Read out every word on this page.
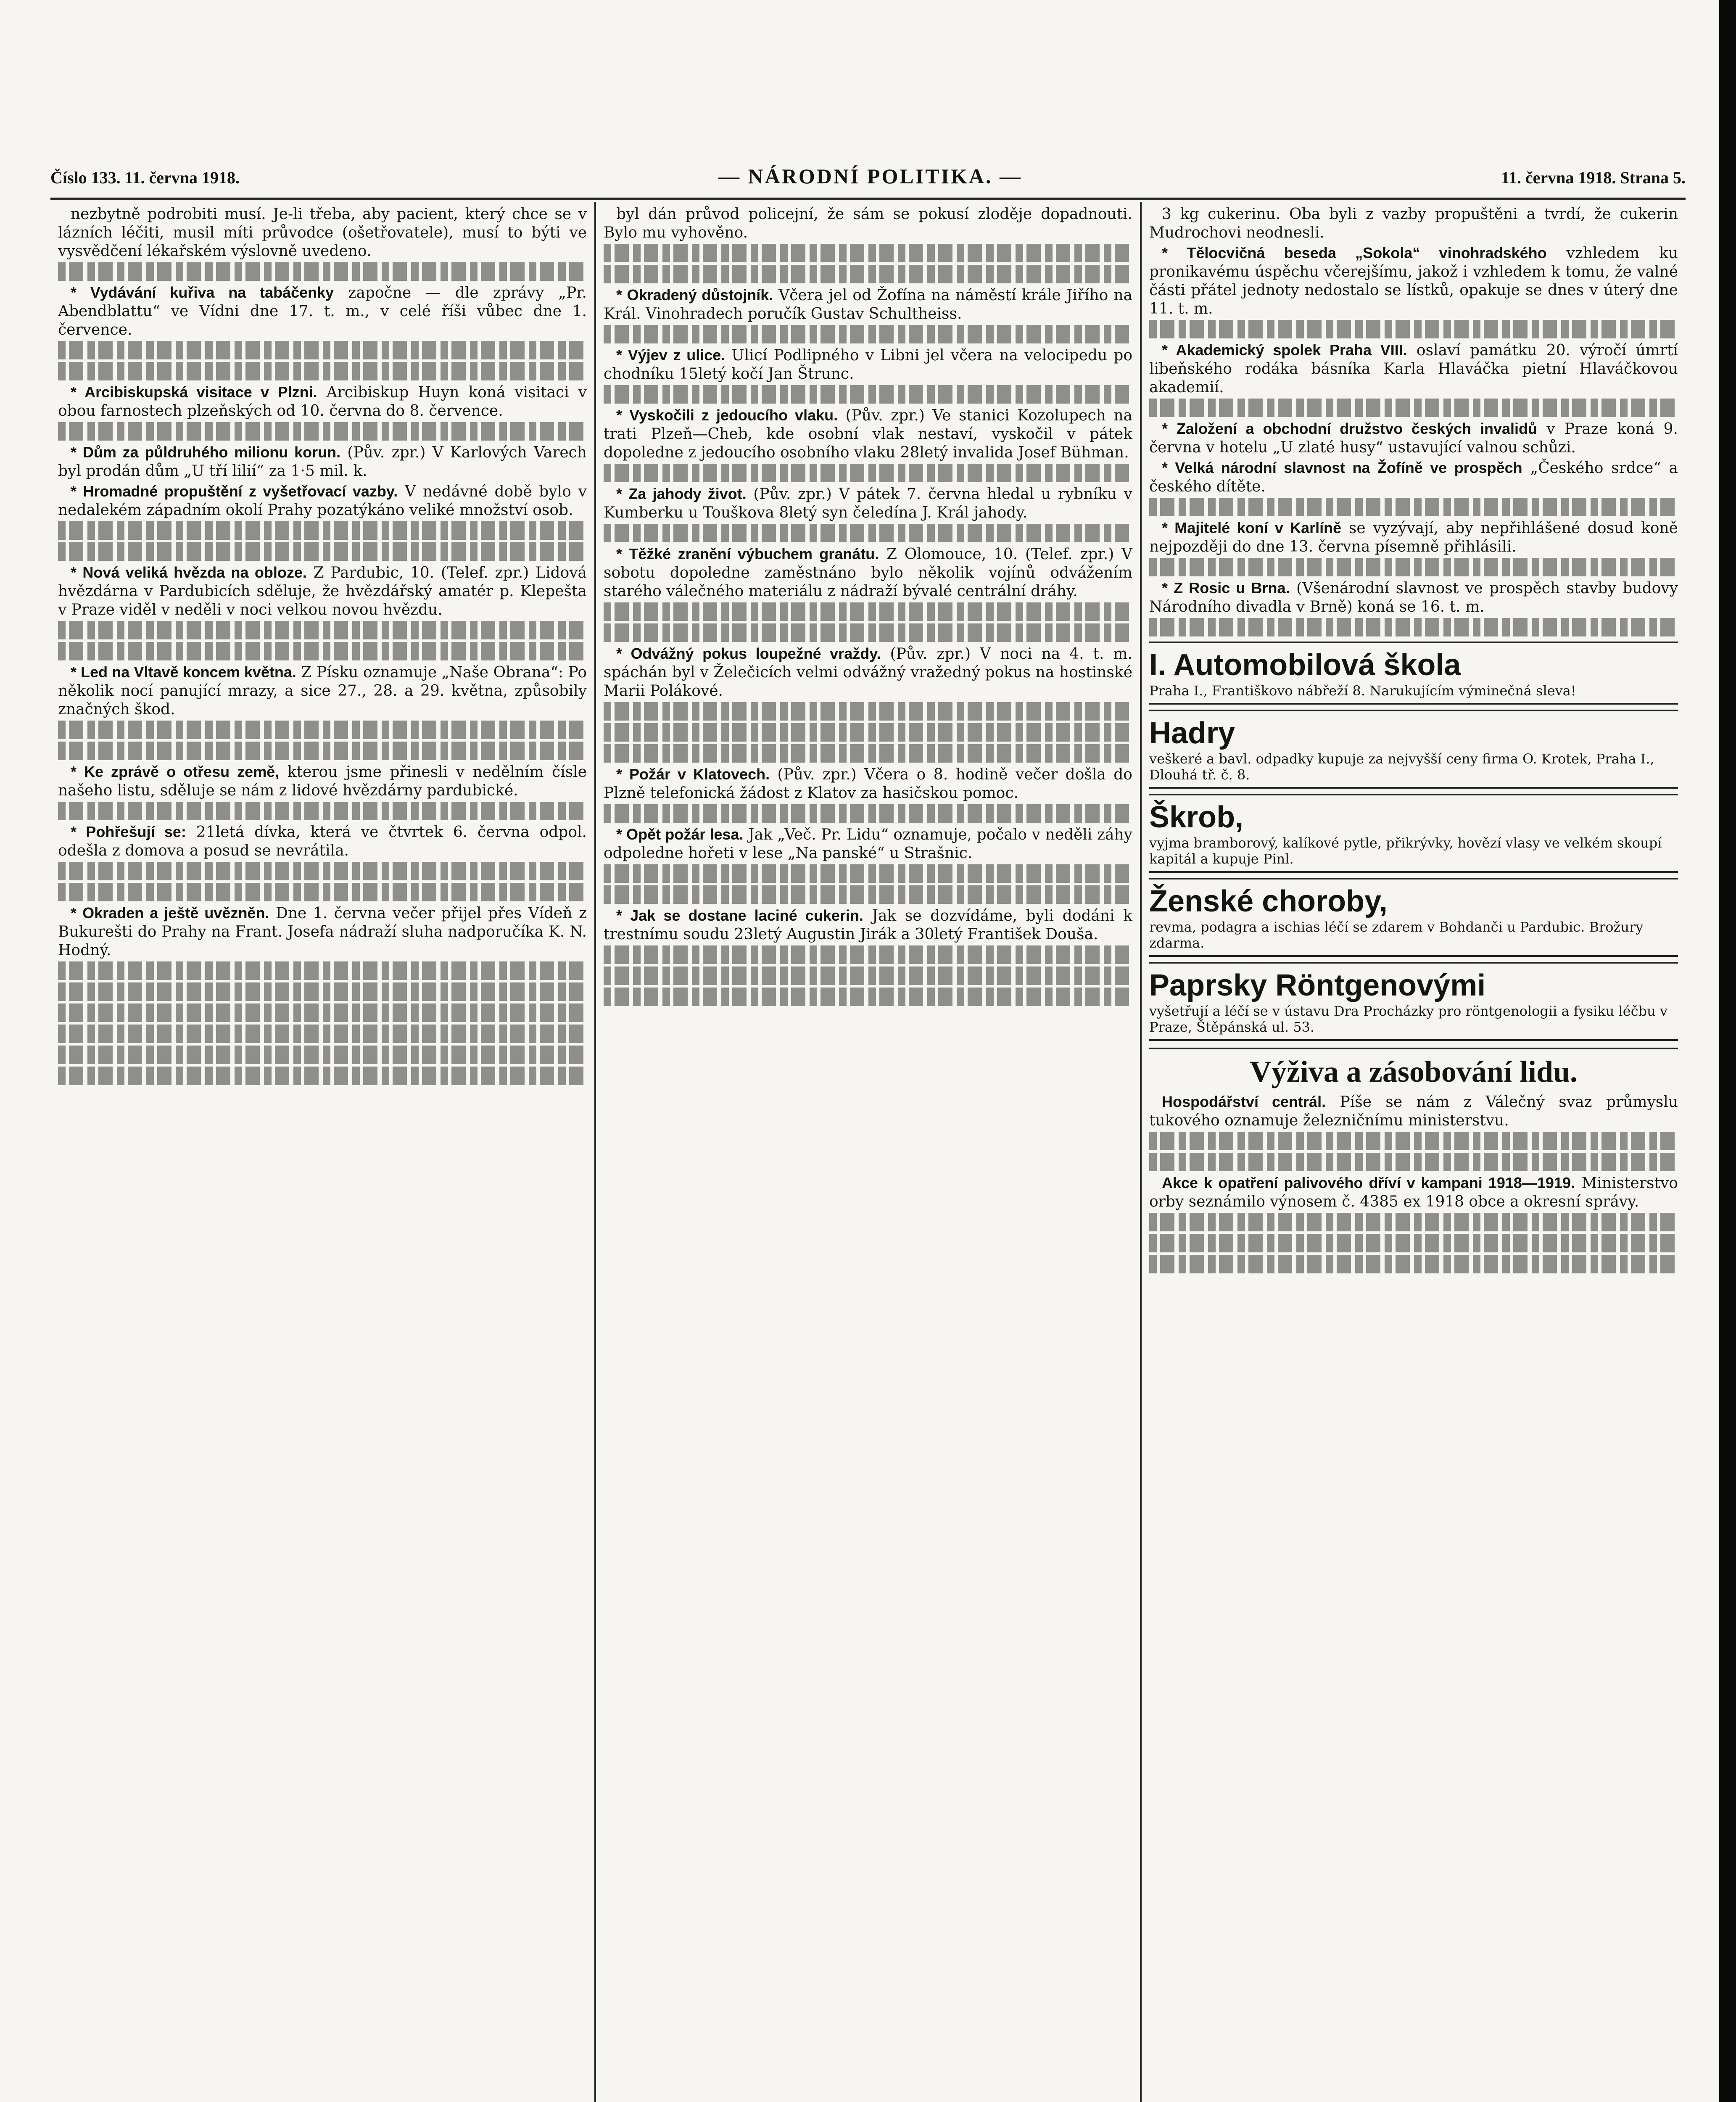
Číslo 133. 11. června 1918.	— NÁRODNÍ POLITIKA. —	11. června 1918. Strana 5.

nezbytně podrobiti musí. Je-li třeba, aby pacient, který chce se v lázních léčiti, musil míti průvodce (ošetřovatele), musí to býti ve vysvědčení lékařském výslovně uvedeno.

* Vydávání kuřiva na tabáčenky započne — dle zprávy „Pr. Abendblattu“ ve Vídni dne 17. t. m., v celé říši vůbec dne 1. července.

* Arcibiskupská visitace v Plzni. Arcibiskup Huyn koná visitaci v obou farnostech plzeňských od 10. června do 8. července.

* Dům za půldruhého milionu korun. (Pův. zpr.) V Karlových Varech byl prodán dům „U tří lilií“ za 1·5 mil. k.

* Hromadné propuštění z vyšetřovací vazby. V nedávné době bylo v nedalekém západním okolí Prahy pozatýkáno veliké množství osob.

* Nová veliká hvězda na obloze. Z Pardubic, 10. (Telef. zpr.) Lidová hvězdárna v Pardubicích sděluje, že hvězdářský amatér p. Klepešta v Praze viděl v neděli v noci velkou novou hvězdu.

* Led na Vltavě koncem května. Z Písku oznamuje „Naše Obrana“: Po několik nocí panující mrazy, a sice 27., 28. a 29. května, způsobily značných škod.

* Ke zprávě o otřesu země, kterou jsme přinesli v nedělním čísle našeho listu, sděluje se nám z lidové hvězdárny pardubické.

* Pohřešují se: 21letá dívka, která ve čtvrtek 6. června odpol. odešla z domova a posud se nevrátila.

* Okraden a ještě uvězněn. Dne 1. června večer přijel přes Vídeň z Bukurešti do Prahy na Frant. Josefa nádraží sluha nadporučíka K. N. Hodný.

byl dán průvod policejní, že sám se pokusí zloděje dopadnouti. Bylo mu vyhověno.

* Okradený důstojník. Včera jel od Žofína na náměstí krále Jiřího na Král. Vinohradech poručík Gustav Schultheiss.

* Výjev z ulice. Ulicí Podlipného v Libni jel včera na velocipedu po chodníku 15letý kočí Jan Štrunc.

* Vyskočili z jedoucího vlaku. (Pův. zpr.) Ve stanici Kozolupech na trati Plzeň—Cheb, kde osobní vlak nestaví, vyskočil v pátek dopoledne z jedoucího osobního vlaku 28letý invalida Josef Bühman.

* Za jahody život. (Pův. zpr.) V pátek 7. června hledal u rybníku v Kumberku u Touškova 8letý syn čeledína J. Král jahody.

* Těžké zranění výbuchem granátu. Z Olomouce, 10. (Telef. zpr.) V sobotu dopoledne zaměstnáno bylo několik vojínů odvážením starého válečného materiálu z nádraží bývalé centrální dráhy.

* Odvážný pokus loupežné vraždy. (Pův. zpr.) V noci na 4. t. m. spáchán byl v Želečicích velmi odvážný vražedný pokus na hostinské Marii Polákové.

* Požár v Klatovech. (Pův. zpr.) Včera o 8. hodině večer došla do Plzně telefonická žádost z Klatov za hasičskou pomoc.

* Opět požár lesa. Jak „Več. Pr. Lidu“ oznamuje, počalo v neděli záhy odpoledne hořeti v lese „Na panské“ u Strašnic.

* Jak se dostane laciné cukerin. Jak se dozvídáme, byli dodáni k trestnímu soudu 23letý Augustin Jirák a 30letý František Douša.

3 kg cukerinu. Oba byli z vazby propuštěni a tvrdí, že cukerin Mudrochovi neodnesli.

* Tělocvičná beseda „Sokola“ vinohradského vzhledem ku pronikavému úspěchu včerejšímu, jakož i vzhledem k tomu, že valné části přátel jednoty nedostalo se lístků, opakuje se dnes v úterý dne 11. t. m.

* Akademický spolek Praha VIII. oslaví památku 20. výročí úmrtí libeňského rodáka básníka Karla Hlaváčka pietní Hlaváčkovou akademií.

* Založení a obchodní družstvo českých invalidů v Praze koná 9. června v hotelu „U zlaté husy“ ustavující valnou schůzi.

* Velká národní slavnost na Žofíně ve prospěch „Českého srdce“ a českého dítěte.

* Majitelé koní v Karlíně se vyzývají, aby nepřihlášené dosud koně nejpozději do dne 13. června písemně přihlásili.

* Z Rosic u Brna. (Všenárodní slavnost ve prospěch stavby budovy Národního divadla v Brně) koná se 16. t. m.

I. Automobilová škola
Praha I., Františkovo nábřeží 8. Narukujícím výminečná sleva!
Hadry
veškeré a bavl. odpadky kupuje za nejvyšší ceny firma O. Krotek, Praha I., Dlouhá tř. č. 8.
Škrob,
vyjma bramborový, kalíkové pytle, přikrývky, hovězí vlasy ve velkém skoupí kapitál a kupuje Pinl.
Ženské choroby,
revma, podagra a ischias léčí se zdarem v Bohdanči u Pardubic. Brožury zdarma.
Paprsky Röntgenovými
vyšetřují a léčí se v ústavu Dra Procházky pro röntgenologii a fysiku léčbu v Praze, Štěpánská ul. 53.
Výživa a zásobování lidu.

Hospodářství centrál. Píše se nám z Válečný svaz průmyslu tukového oznamuje železničnímu ministerstvu.

Akce k opatření palivového dříví v kampani 1918—1919. Ministerstvo orby seznámilo výnosem č. 4385 ex 1918 obce a okresní správy.
